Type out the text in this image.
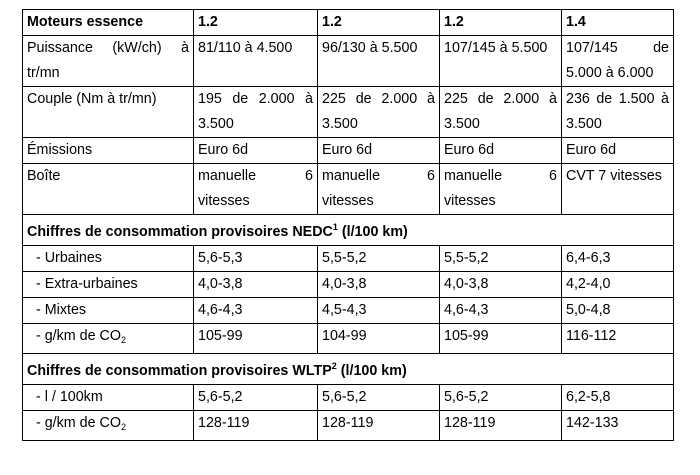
Moteurs essence	1.2	1.2	1.2	1.4
Puissance (kW/ch) à tr/mn	81/110 à 4.500	96/130 à 5.500	107/145 à 5.500	107/145 de 5.000 à 6.000
Couple (Nm à tr/mn)	195 de 2.000 à 3.500	225 de 2.000 à 3.500	225 de 2.000 à 3.500	236 de 1.500 à 3.500
Émissions	Euro 6d	Euro 6d	Euro 6d	Euro 6d
Boîte	manuelle 6 vitesses	manuelle 6 vitesses	manuelle 6 vitesses	CVT 7 vitesses
Chiffres de consommation provisoires NEDC$^1$ (l/100 km)				
- Urbaines	5,6-5,3	5,5-5,2	5,5-5,2	6,4-6,3
- Extra-urbaines	4,0-3,8	4,0-3,8	4,0-3,8	4,2-4,0
- Mixtes	4,6-4,3	4,5-4,3	4,6-4,3	5,0-4,8
- g/km de $CO_2$	105-99	104-99	105-99	116-112
Chiffres de consommation provisoires WLTP$^2$ (l/100 km)				
- l / 100km	5,6-5,2	5,6-5,2	5,6-5,2	6,2-5,8
- g/km de $CO_2$	128-119	128-119	128-119	142-133
